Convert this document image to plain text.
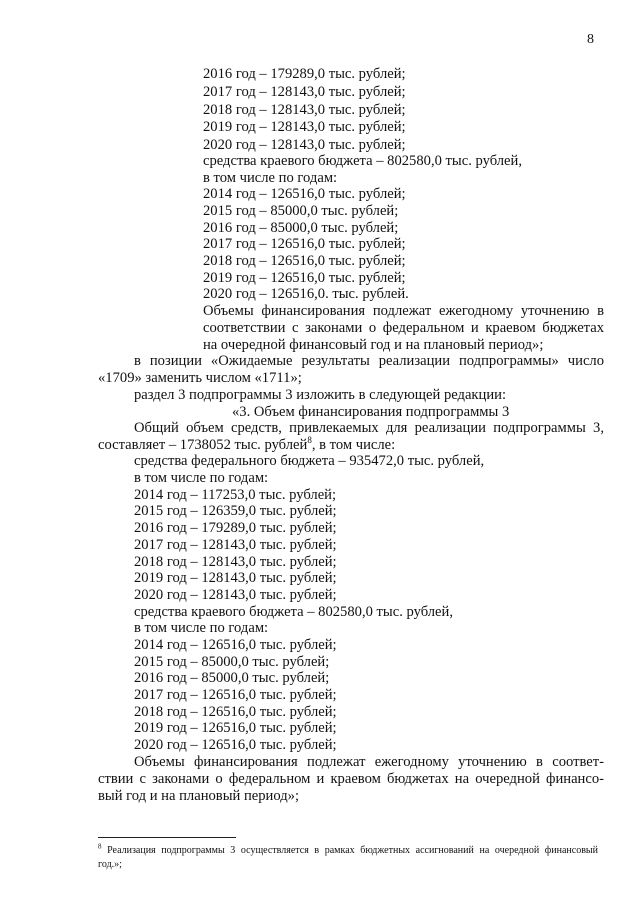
8
2016 год – 179289,0 тыс. рублей;
2017 год – 128143,0 тыс. рублей;
2018 год – 128143,0 тыс. рублей;
2019 год – 128143,0 тыс. рублей;
2020 год – 128143,0 тыс. рублей;
средства краевого бюджета – 802580,0 тыс. рублей,
в том числе по годам:
2014 год – 126516,0 тыс. рублей;
2015 год – 85000,0 тыс. рублей;
2016 год – 85000,0 тыс. рублей;
2017 год – 126516,0 тыс. рублей;
2018 год – 126516,0 тыс. рублей;
2019 год – 126516,0 тыс. рублей;
2020 год – 126516,0. тыс. рублей.
Объемы финансирования подлежат ежегодному уточнению в
соответствии с законами о федеральном и краевом бюджетах
на очередной финансовый год и на плановый период»;
в позиции «Ожидаемые результаты реализации подпрограммы» число
«1709» заменить числом «1711»;
раздел 3 подпрограммы 3 изложить в следующей редакции:
«3. Объем финансирования подпрограммы 3
Общий объем средств, привлекаемых для реализации подпрограммы 3,
составляет – 1738052 тыс. рублей$^8$, в том числе:
средства федерального бюджета – 935472,0 тыс. рублей,
в том числе по годам:
2014 год – 117253,0 тыс. рублей;
2015 год – 126359,0 тыс. рублей;
2016 год – 179289,0 тыс. рублей;
2017 год – 128143,0 тыс. рублей;
2018 год – 128143,0 тыс. рублей;
2019 год – 128143,0 тыс. рублей;
2020 год – 128143,0 тыс. рублей;
средства краевого бюджета – 802580,0 тыс. рублей,
в том числе по годам:
2014 год – 126516,0 тыс. рублей;
2015 год – 85000,0 тыс. рублей;
2016 год – 85000,0 тыс. рублей;
2017 год – 126516,0 тыс. рублей;
2018 год – 126516,0 тыс. рублей;
2019 год – 126516,0 тыс. рублей;
2020 год – 126516,0 тыс. рублей;
Объемы финансирования подлежат ежегодному уточнению в соответ-
ствии с законами о федеральном и краевом бюджетах на очередной финансо-
вый год и на плановый период»;
$^8$ Реализация подпрограммы 3 осуществляется в рамках бюджетных ассигнований на очередной финансовый
год.»;
